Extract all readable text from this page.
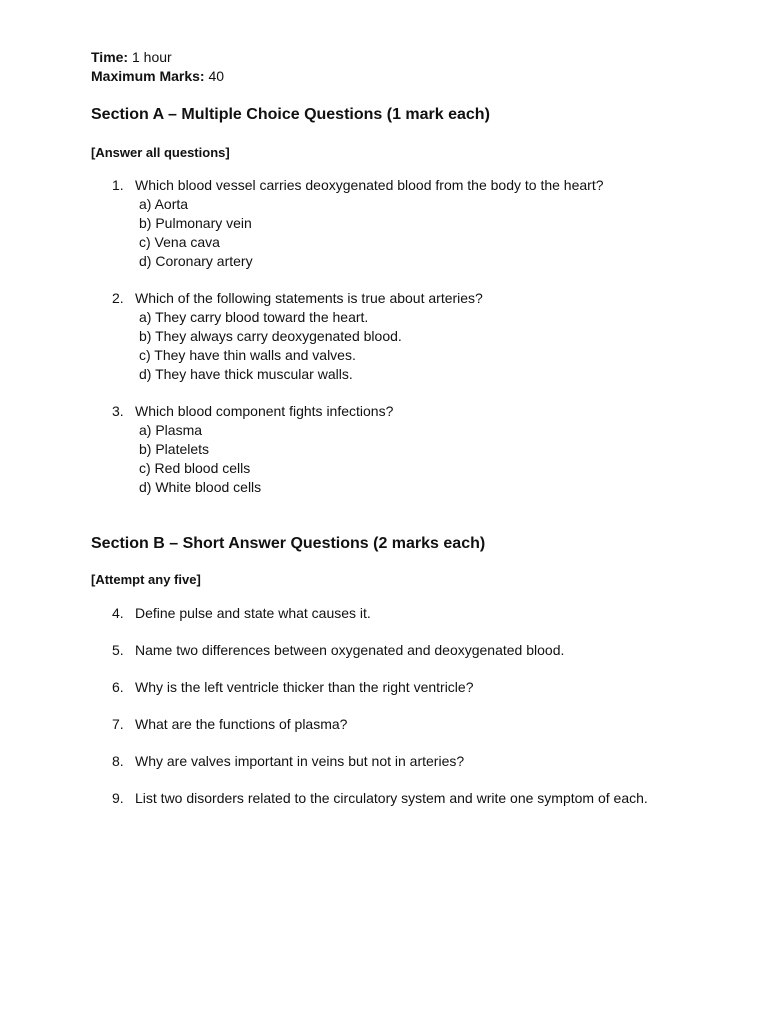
Time: 1 hour

Maximum Marks: 40

Section A – Multiple Choice Questions (1 mark each)

[Answer all questions]

1. Which blood vessel carries deoxygenated blood from the body to the heart?
a) Aorta
b) Pulmonary vein
c) Vena cava
d) Coronary artery
2. Which of the following statements is true about arteries?
a) They carry blood toward the heart.
b) They always carry deoxygenated blood.
c) They have thin walls and valves.
d) They have thick muscular walls.
3. Which blood component fights infections?
a) Plasma
b) Platelets
c) Red blood cells
d) White blood cells
Section B – Short Answer Questions (2 marks each)

[Attempt any five]

4. Define pulse and state what causes it.
5. Name two differences between oxygenated and deoxygenated blood.
6. Why is the left ventricle thicker than the right ventricle?
7. What are the functions of plasma?
8. Why are valves important in veins but not in arteries?
9. List two disorders related to the circulatory system and write one symptom of each.
